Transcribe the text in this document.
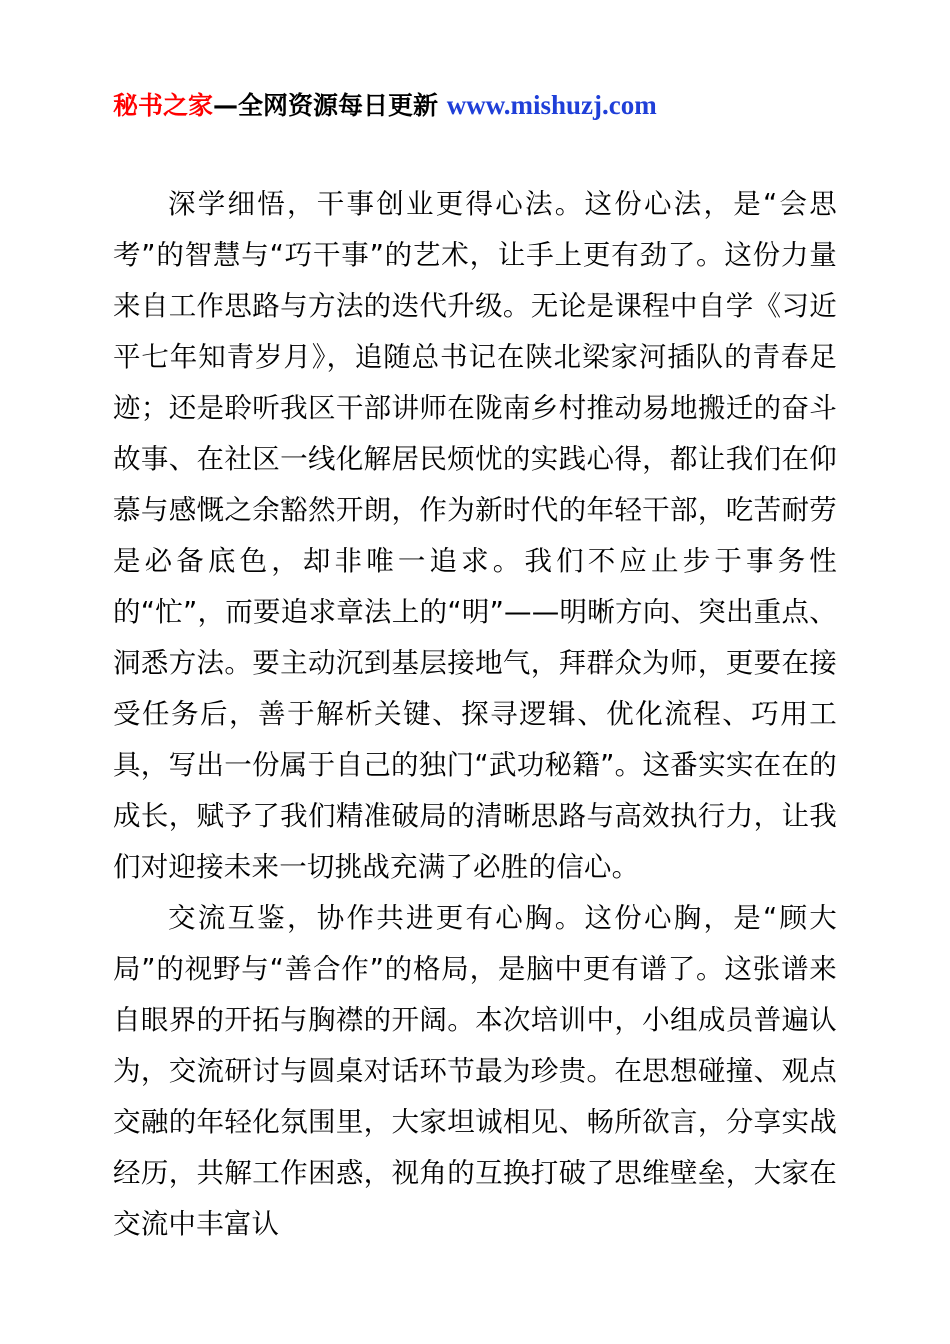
秘书之家—全网资源每日更新 www.mishuzj.com

深学细悟，干事创业更得心法。这份心法，是“会思考”的智慧与“巧干事”的艺术，让手上更有劲了。这份力量来自工作思路与方法的迭代升级。无论是课程中自学《习近平七年知青岁月》，追随总书记在陕北梁家河插队的青春足迹；还是聆听我区干部讲师在陇南乡村推动易地搬迁的奋斗故事、在社区一线化解居民烦忧的实践心得，都让我们在仰慕与感慨之余豁然开朗，作为新时代的年轻干部，吃苦耐劳是必备底色，却非唯一追求。我们不应止步于事务性的“忙”，而要追求章法上的“明”——明晰方向、突出重点、洞悉方法。要主动沉到基层接地气，拜群众为师，更要在接受任务后，善于解析关键、探寻逻辑、优化流程、巧用工具，写出一份属于自己的独门“武功秘籍”。这番实实在在的成长，赋予了我们精准破局的清晰思路与高效执行力，让我们对迎接未来一切挑战充满了必胜的信心。

交流互鉴，协作共进更有心胸。这份心胸，是“顾大局”的视野与“善合作”的格局，是脑中更有谱了。这张谱来自眼界的开拓与胸襟的开阔。本次培训中，小组成员普遍认为，交流研讨与圆桌对话环节最为珍贵。在思想碰撞、观点交融的年轻化氛围里，大家坦诚相见、畅所欲言，分享实战经历，共解工作困惑，视角的互换打破了思维壁垒，大家在交流中丰富认
